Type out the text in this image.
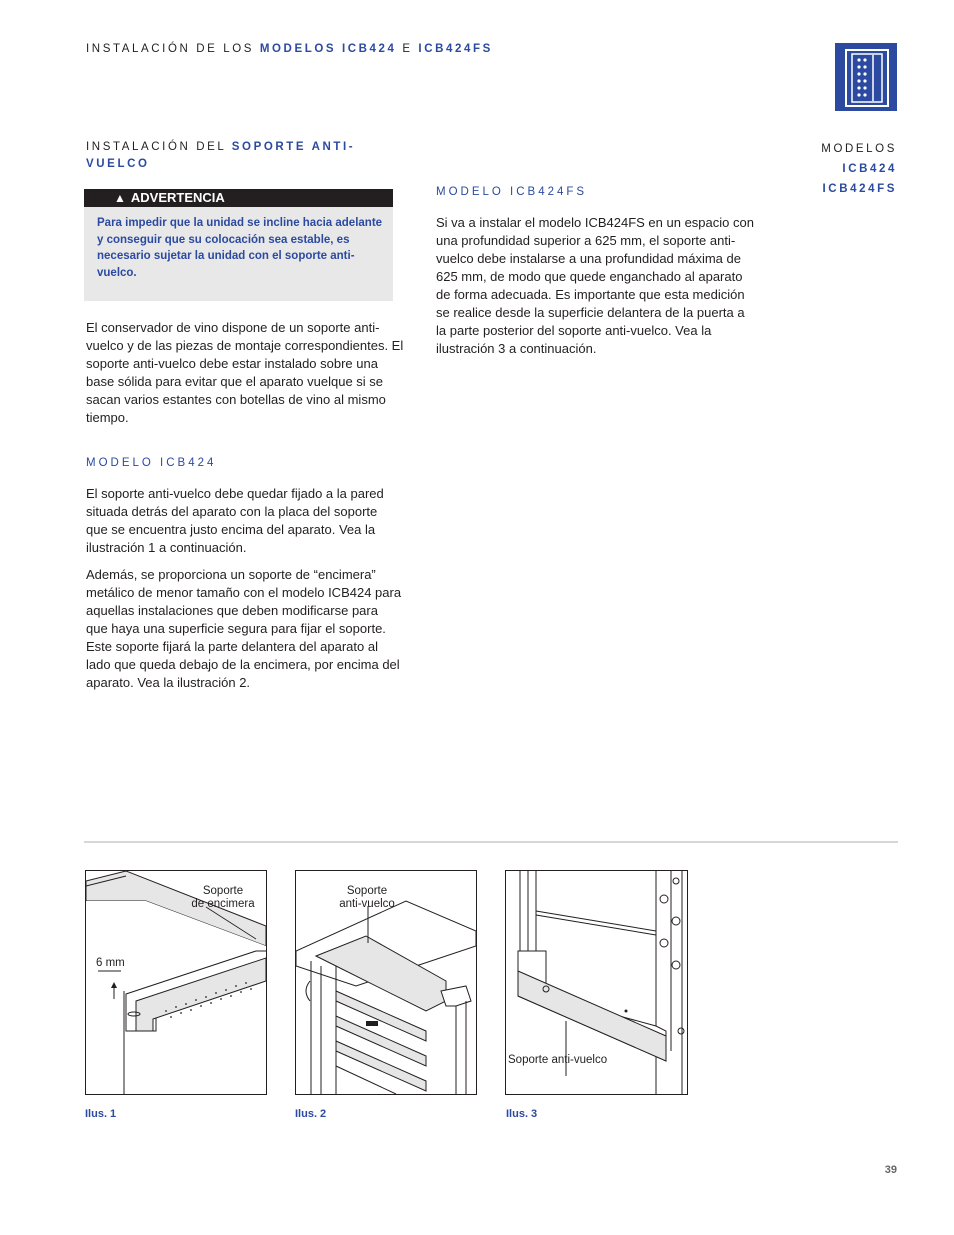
INSTALACIÓN DE LOS MODELOS ICB424 E ICB424FS
INSTALACIÓN DEL SOPORTE ANTI-VUELCO
MODELOS
ICB424
ICB424FS
▲ ADVERTENCIA
Para impedir que la unidad se incline hacia adelante y conseguir que su colocación sea estable, es necesario sujetar la unidad con el soporte anti-vuelco.
El conservador de vino dispone de un soporte anti-vuelco y de las piezas de montaje correspondientes. El soporte anti-vuelco debe estar instalado sobre una base sólida para evitar que el aparato vuelque si se sacan varios estantes con botellas de vino al mismo tiempo.
MODELO ICB424
El soporte anti-vuelco debe quedar fijado a la pared situada detrás del aparato con la placa del soporte que se encuentra justo encima del aparato. Vea la ilustración 1 a continuación.
Además, se proporciona un soporte de “encimera” metálico de menor tamaño con el modelo ICB424 para aquellas instalaciones que deben modificarse para que haya una superficie segura para fijar el soporte. Este soporte fijará la parte delantera del aparato al lado que queda debajo de la encimera, por encima del aparato. Vea la ilustración 2.
MODELO ICB424FS
Si va a instalar el modelo ICB424FS en un espacio con una profundidad superior a 625 mm, el soporte anti-vuelco debe instalarse a una profundidad máxima de 625 mm, de modo que quede enganchado al aparato de forma adecuada. Es importante que esta medición se realice desde la superficie delantera de la puerta a la parte posterior del soporte anti-vuelco. Vea la ilustración 3 a continuación.
Soporte
de encimera
6 mm
Ilus. 1
Soporte
anti-vuelco
Ilus. 2
Soporte anti-vuelco
Ilus. 3
39
